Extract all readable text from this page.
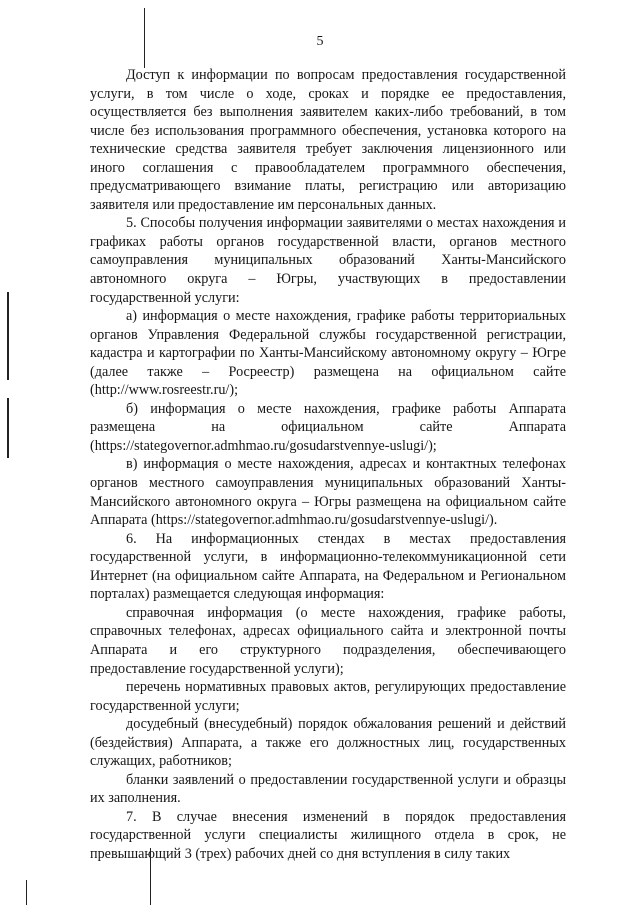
5

Доступ к информации по вопросам предоставления государственной услуги, в том числе о ходе, сроках и порядке ее предоставления, осуществляется без выполнения заявителем каких-либо требований, в том числе без использования программного обеспечения, установка которого на технические средства заявителя требует заключения лицензионного или иного соглашения с правообладателем программного обеспечения, предусматривающего взимание платы, регистрацию или авторизацию заявителя или предоставление им персональных данных.

5. Способы получения информации заявителями о местах нахождения и графиках работы органов государственной власти, органов местного самоуправления муниципальных образований Ханты-Мансийского автономного округа – Югры, участвующих в предоставлении государственной услуги:

а) информация о месте нахождения, графике работы территориальных органов Управления Федеральной службы государственной регистрации, кадастра и картографии по Ханты-Мансийскому автономному округу – Югре (далее также – Росреестр) размещена на официальном сайте (http://www.rosreestr.ru/);

б) информация о месте нахождения, графике работы Аппарата размещена на официальном сайте Аппарата (https://stategovernor.admhmao.ru/gosudarstvennye-uslugi/);

в) информация о месте нахождения, адресах и контактных телефонах органов местного самоуправления муниципальных образований Ханты-Мансийского автономного округа – Югры размещена на официальном сайте Аппарата (https://stategovernor.admhmao.ru/gosudarstvennye-uslugi/).

6. На информационных стендах в местах предоставления государственной услуги, в информационно-телекоммуникационной сети Интернет (на официальном сайте Аппарата, на Федеральном и Региональном порталах) размещается следующая информация:

справочная информация (о месте нахождения, графике работы, справочных телефонах, адресах официального сайта и электронной почты Аппарата и его структурного подразделения, обеспечивающего предоставление государственной услуги);

перечень нормативных правовых актов, регулирующих предоставление государственной услуги;

досудебный (внесудебный) порядок обжалования решений и действий (бездействия) Аппарата, а также его должностных лиц, государственных служащих, работников;

бланки заявлений о предоставлении государственной услуги и образцы их заполнения.

7. В случае внесения изменений в порядок предоставления государственной услуги специалисты жилищного отдела в срок, не превышающий 3 (трех) рабочих дней со дня вступления в силу таких
